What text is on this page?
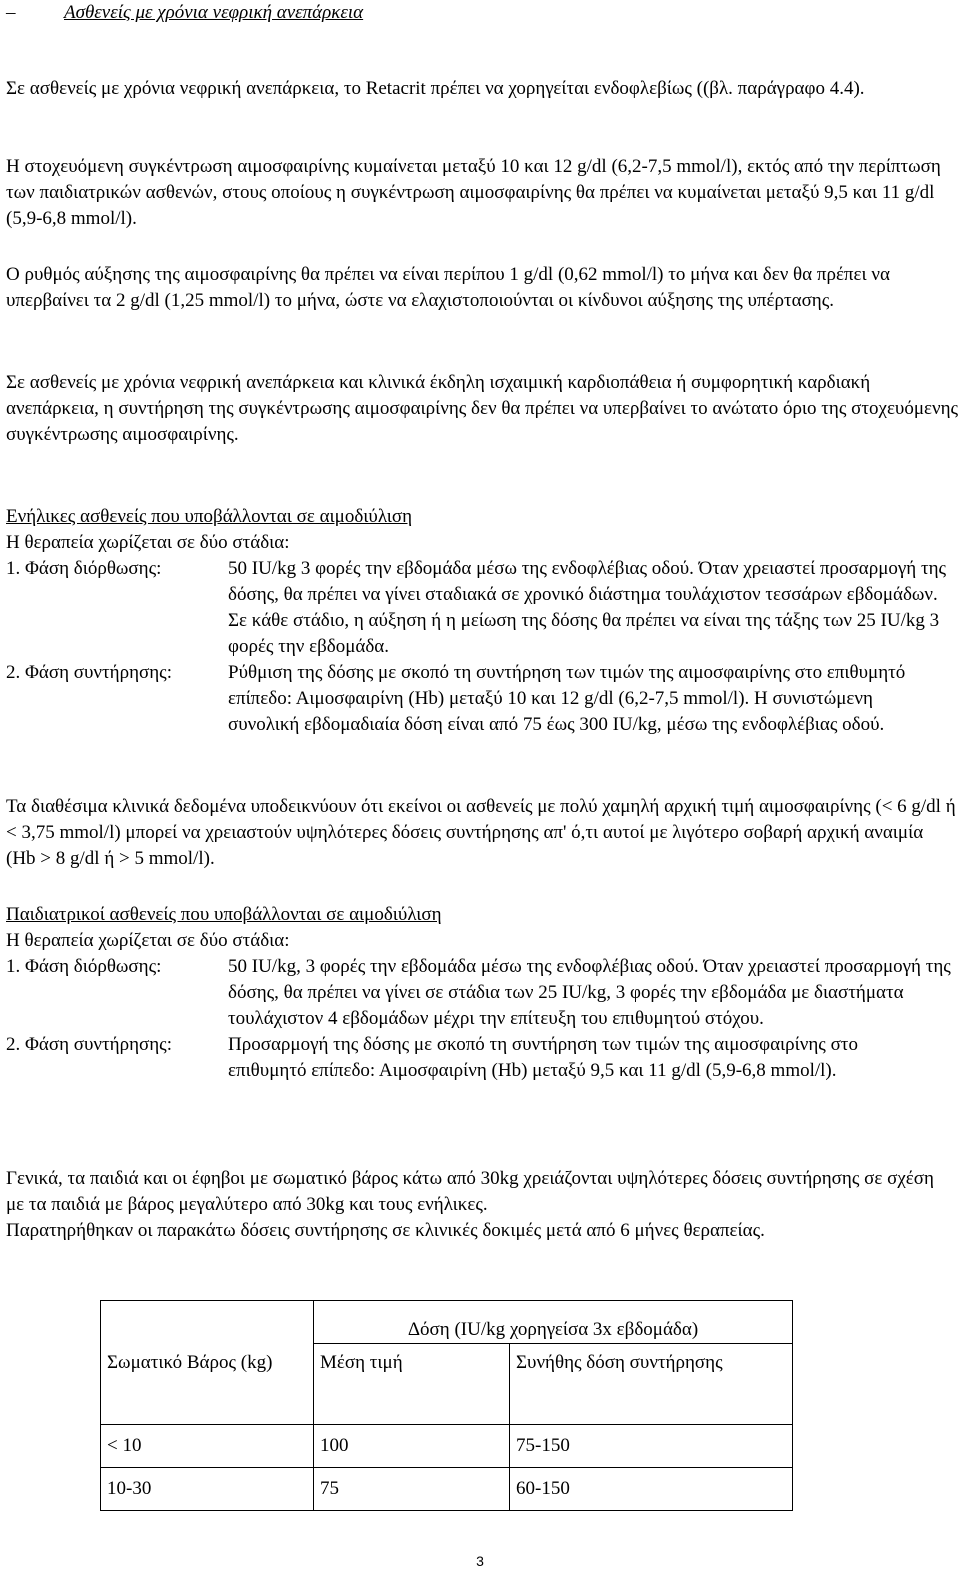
–	Ασθενείς με χρόνια νεφρική ανεπάρκεια

Σε ασθενείς με χρόνια νεφρική ανεπάρκεια, το Retacrit πρέπει να χορηγείται ενδοφλεβίως ((βλ. παράγραφο 4.4).

Η στοχευόμενη συγκέντρωση αιμοσφαιρίνης κυμαίνεται μεταξύ 10 και 12 g/dl (6,2-7,5 mmol/l), εκτός από την περίπτωση των παιδιατρικών ασθενών, στους οποίους η συγκέντρωση αιμοσφαιρίνης θα πρέπει να κυμαίνεται μεταξύ 9,5 και 11 g/dl (5,9-6,8 mmol/l).

Ο ρυθμός αύξησης της αιμοσφαιρίνης θα πρέπει να είναι περίπου 1 g/dl (0,62 mmol/l) το μήνα και δεν θα πρέπει να υπερβαίνει τα 2 g/dl (1,25 mmol/l) το μήνα, ώστε να ελαχιστοποιούνται οι κίνδυνοι αύξησης της υπέρτασης.

Σε ασθενείς με χρόνια νεφρική ανεπάρκεια και κλινικά έκδηλη ισχαιμική καρδιοπάθεια ή συμφορητική καρδιακή ανεπάρκεια, η συντήρηση της συγκέντρωσης αιμοσφαιρίνης δεν θα πρέπει να υπερβαίνει το ανώτατο όριο της στοχευόμενης συγκέντρωσης αιμοσφαιρίνης.

Ενήλικες ασθενείς που υποβάλλονται σε αιμοδιύλιση

Η θεραπεία χωρίζεται σε δύο στάδια:

1. Φάση διόρθωσης:	50 IU/kg 3 φορές την εβδομάδα μέσω της ενδοφλέβιας οδού. Όταν χρειαστεί προσαρμογή της δόσης, θα πρέπει να γίνει σταδιακά σε χρονικό διάστημα τουλάχιστον τεσσάρων εβδομάδων. Σε κάθε στάδιο, η αύξηση ή η μείωση της δόσης θα πρέπει να είναι της τάξης των 25 IU/kg 3 φορές την εβδομάδα.
2. Φάση συντήρησης:	Ρύθμιση της δόσης με σκοπό τη συντήρηση των τιμών της αιμοσφαιρίνης στο επιθυμητό επίπεδο: Αιμοσφαιρίνη (Hb) μεταξύ 10 και 12 g/dl (6,2-7,5 mmol/l). Η συνιστώμενη συνολική εβδομαδιαία δόση είναι από 75 έως 300 IU/kg, μέσω της ενδοφλέβιας οδού.

Τα διαθέσιμα κλινικά δεδομένα υποδεικνύουν ότι εκείνοι οι ασθενείς με πολύ χαμηλή αρχική τιμή αιμοσφαιρίνης (< 6 g/dl ή < 3,75 mmol/l) μπορεί να χρειαστούν υψηλότερες δόσεις συντήρησης απ' ό,τι αυτοί με λιγότερο σοβαρή αρχική αναιμία (Hb > 8 g/dl ή > 5 mmol/l).

Παιδιατρικοί ασθενείς που υποβάλλονται σε αιμοδιύλιση

Η θεραπεία χωρίζεται σε δύο στάδια:

1. Φάση διόρθωσης:	50 IU/kg, 3 φορές την εβδομάδα μέσω της ενδοφλέβιας οδού. Όταν χρειαστεί προσαρμογή της δόσης, θα πρέπει να γίνει σε στάδια των 25 IU/kg, 3 φορές την εβδομάδα με διαστήματα τουλάχιστον 4 εβδομάδων μέχρι την επίτευξη του επιθυμητού στόχου.
2. Φάση συντήρησης:	Προσαρμογή της δόσης με σκοπό τη συντήρηση των τιμών της αιμοσφαιρίνης στο επιθυμητό επίπεδο: Αιμοσφαιρίνη (Hb) μεταξύ 9,5 και 11 g/dl (5,9-6,8 mmol/l).

Γενικά, τα παιδιά και οι έφηβοι με σωματικό βάρος κάτω από 30kg χρειάζονται υψηλότερες δόσεις συντήρησης σε σχέση με τα παιδιά με βάρος μεγαλύτερο από 30kg και τους ενήλικες.

Παρατηρήθηκαν οι παρακάτω δόσεις συντήρησης σε κλινικές δοκιμές μετά από 6 μήνες θεραπείας.

	Δόση (IU/kg χορηγείσα 3x εβδομάδα)	
Σωματικό Βάρος (kg)	Μέση τιμή	Συνήθης δόση συντήρησης
< 10	100	75-150
10-30	75	60-150
3
